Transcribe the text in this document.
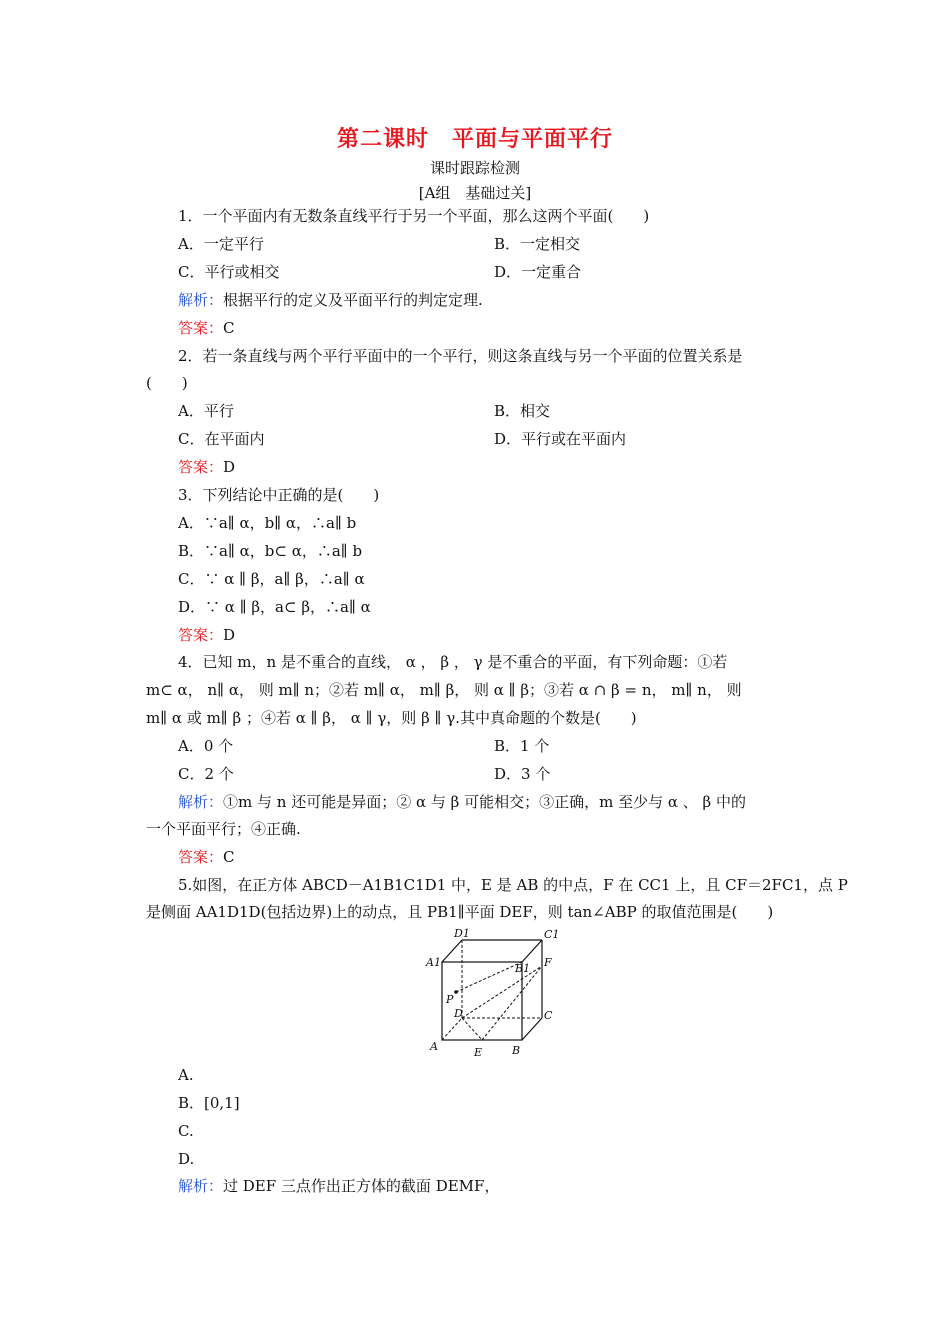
第二课时　平面与平面平行
课时跟踪检测
[A组　基础过关]
1．一个平面内有无数条直线平行于另一个平面，那么这两个平面(　　)
A．一定平行	B．一定相交
C．平行或相交	D．一定重合
解析：根据平行的定义及平面平行的判定定理.
答案：C
2．若一条直线与两个平行平面中的一个平行，则这条直线与另一个平面的位置关系是
(　　)
A．平行	B．相交
C．在平面内	D．平行或在平面内
答案：D
3．下列结论中正确的是(　　)
A．∵a∥ α，b∥ α，∴a∥ b
B．∵a∥ α，b⊂ α，∴a∥ b
C．∵ α ∥ β，a∥ β，∴a∥ α
D．∵ α ∥ β，a⊂ β，∴a∥ α
答案：D
4．已知 m，n 是不重合的直线， α ， β ， γ 是不重合的平面，有下列命题：①若
m⊂ α， n∥ α， 则 m∥ n；②若 m∥ α， m∥ β， 则 α ∥ β；③若 α ∩ β = n， m∥ n， 则
m∥ α 或 m∥ β ；④若 α ∥ β， α ∥ γ，则 β ∥ γ.其中真命题的个数是(　　)
A．0 个	B．1 个
C．2 个	D．3 个
解析：①m 与 n 还可能是异面；② α 与 β 可能相交；③正确，m 至少与 α 、 β 中的
一个平面平行；④正确.
答案：C
5.如图，在正方体 ABCD－A1B1C1D1 中，E 是 AB 的中点，F 在 CC1 上，且 CF＝2FC1，点 P
是侧面 AA1D1D(包括边界)上的动点，且 PB1∥平面 DEF，则 tan∠ABP 的取值范围是(　　)
D1	C1
A1	B1 F
P
D	C
A	E	B
A.
B．[0,1]
C.
D.
解析：过 DEF 三点作出正方体的截面 DEMF，
